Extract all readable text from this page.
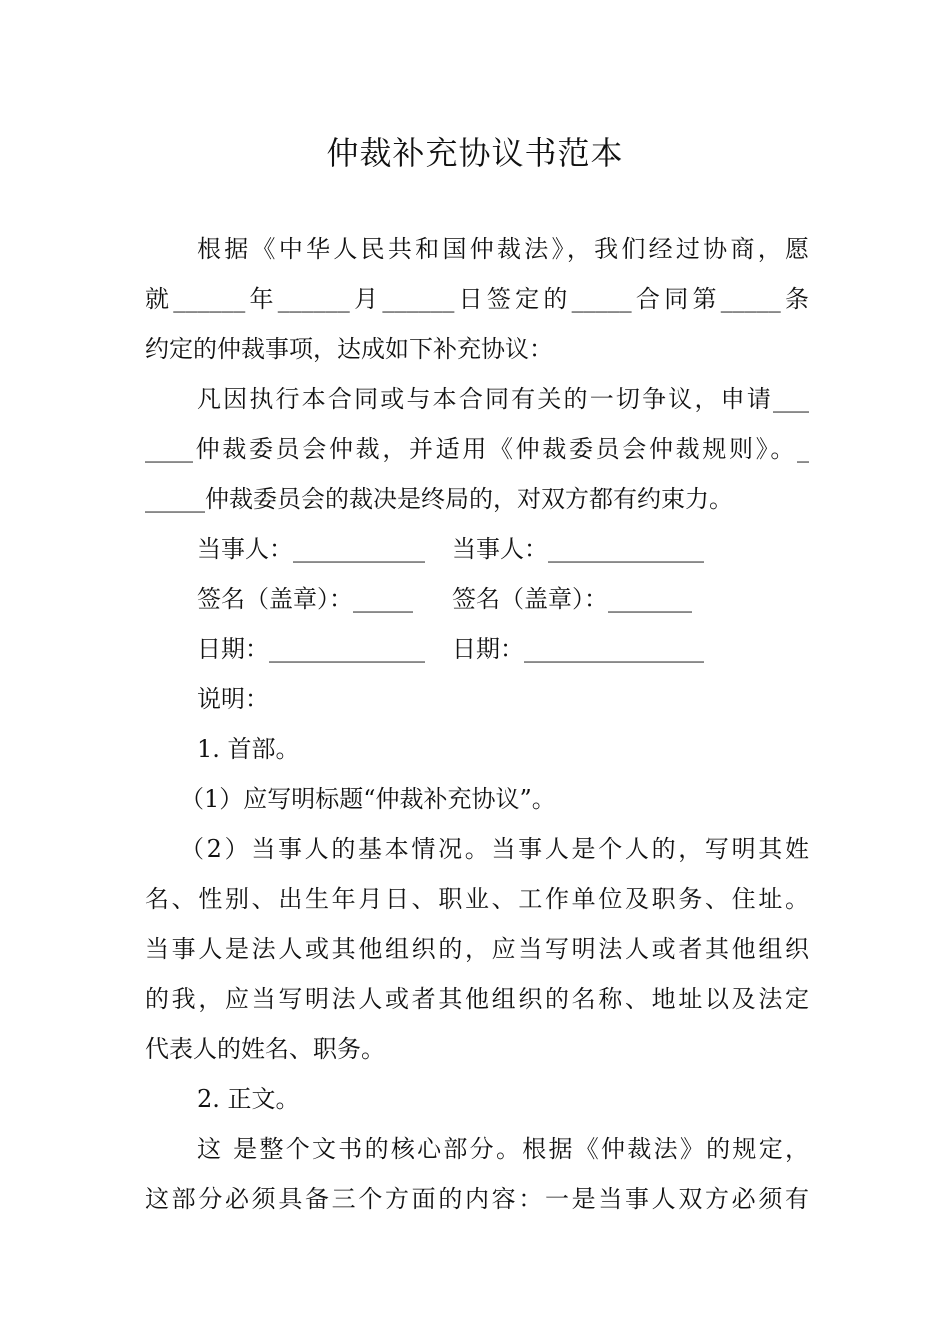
仲裁补充协议书范本
根据《中华人民共和国仲裁法》，我们经过协商，愿
就______年______月______日签定的_____合同第_____条
约定的仲裁事项，达成如下补充协议：
凡因执行本合同或与本合同有关的一切争议，申请___
____仲裁委员会仲裁，并适用《仲裁委员会仲裁规则》。_
_____仲裁委员会的裁决是终局的，对双方都有约束力。
当事人：___________ 当事人：_____________
签名（盖章）：_____ 签名（盖章）：_______
日期：_____________ 日期：_______________
说明：
1. 首部。
（1）应写明标题“仲裁补充协议”。
（2）当事人的基本情况。当事人是个人的，写明其姓
名、性别、出生年月日、职业、工作单位及职务、住址。
当事人是法人或其他组织的，应当写明法人或者其他组织
的我，应当写明法人或者其他组织的名称、地址以及法定
代表人的姓名、职务。
2. 正文。
这 是整个文书的核心部分。根据《仲裁法》的规定，
这部分必须具备三个方面的内容：一是当事人双方必须有
